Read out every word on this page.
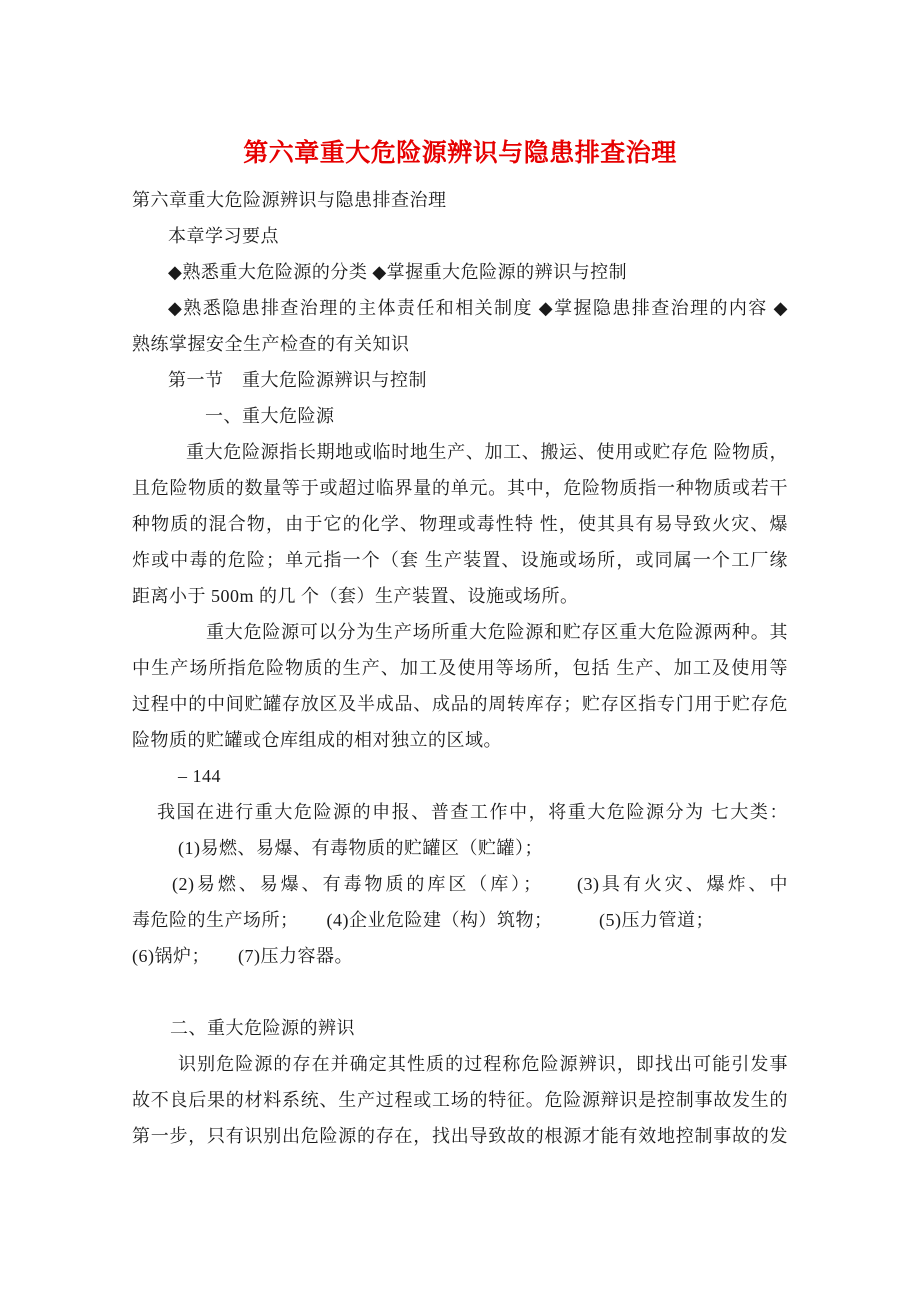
第六章重大危险源辨识与隐患排查治理
第六章重大危险源辨识与隐患排查治理
本章学习要点
◆熟悉重大危险源的分类 ◆掌握重大危险源的辨识与控制
◆熟悉隐患排查治理的主体责任和相关制度 ◆掌握隐患排查治理的内容 ◆
熟练掌握安全生产检查的有关知识
第一节　重大危险源辨识与控制
一、重大危险源
重大危险源指长期地或临时地生产、加工、搬运、使用或贮存危 险物质，
且危险物质的数量等于或超过临界量的单元。其中，危险物质指一种物质或若干
种物质的混合物，由于它的化学、物理或毒性特 性，使其具有易导致火灾、爆
炸或中毒的危险；单元指一个（套 生产装置、设施或场所，或同属一个工厂缘
距离小于 500m 的几 个（套）生产装置、设施或场所。
重大危险源可以分为生产场所重大危险源和贮存区重大危险源两种。其
中生产场所指危险物质的生产、加工及使用等场所，包括 生产、加工及使用等
过程中的中间贮罐存放区及半成品、成品的周转库存；贮存区指专门用于贮存危
险物质的贮罐或仓库组成的相对独立的区域。
– 144
我国在进行重大危险源的申报、普查工作中，将重大危险源分为 七大类：
(1)易燃、易爆、有毒物质的贮罐区（贮罐）；
(2)易燃、易爆、有毒物质的库区（库）；　　(3)具有火灾、爆炸、中
毒危险的生产场所；　　(4)企业危险建（构）筑物；　　　(5)压力管道；
(6)锅炉；　　(7)压力容器。
二、重大危险源的辨识
识别危险源的存在并确定其性质的过程称危险源辨识，即找出可能引发事
故不良后果的材料系统、生产过程或工场的特征。危险源辩识是控制事故发生的
第一步，只有识别出危险源的存在，找出导致故的根源才能有效地控制事故的发
